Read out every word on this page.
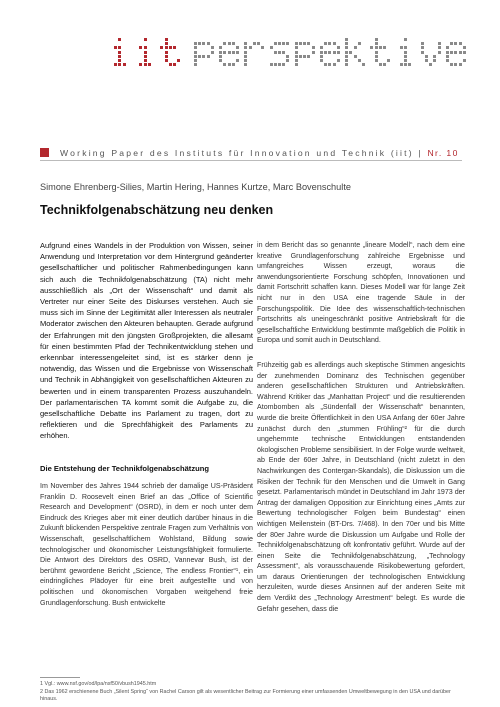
Working Paper des Instituts für Innovation und Technik (iit) | Nr. 10
Simone Ehrenberg-Silies, Martin Hering, Hannes Kurtze, Marc Bovenschulte
Technikfolgenabschätzung neu denken
Aufgrund eines Wandels in der Produktion von Wissen, seiner Anwendung und Interpretation vor dem Hintergrund geänderter gesellschaftlicher und politischer Rahmenbedingungen kann sich auch die Technikfolgenabschätzung (TA) nicht mehr ausschließlich als „Ort der Wissenschaft“ und damit als Vertreter nur einer Seite des Diskurses verstehen. Auch sie muss sich im Sinne der Legitimität aller Interessen als neutraler Moderator zwischen den Akteuren behaupten. Gerade aufgrund der Erfahrungen mit den jüngsten Großprojekten, die allesamt für einen bestimmten Pfad der Technikentwicklung stehen und erkennbar interessengeleitet sind, ist es stärker denn je notwendig, das Wissen und die Ergebnisse von Wissenschaft und Technik in Abhängigkeit von gesellschaftlichen Akteuren zu bewerten und in einem transparenten Prozess auszuhandeln. Der parlamentarischen TA kommt somit die Aufgabe zu, die gesellschaftliche Debatte ins Parlament zu tragen, dort zu reflektieren und die Sprechfähigkeit des Parlaments zu erhöhen.
Die Entstehung der Technikfolgenabschätzung
Im November des Jahres 1944 schrieb der damalige US-Präsident Franklin D. Roosevelt einen Brief an das „Office of Scientific Research and Development“ (OSRD), in dem er noch unter dem Eindruck des Krieges aber mit einer deutlich darüber hinaus in die Zukunft blickenden Perspektive zentrale Fragen zum Verhältnis von Wissenschaft, gesellschaftlichem Wohlstand, Bildung sowie technologischer und ökonomischer Leistungsfähigkeit formulierte. Die Antwort des Direktors des OSRD, Vannevar Bush, ist der berühmt gewordene Bericht „Science, The endless Frontier“¹, ein eindringliches Plädoyer für eine breit aufgestellte und von politischen und ökonomischen Vorgaben weitgehend freie Grundlagenforschung. Bush entwickelte
in dem Bericht das so genannte „lineare Modell“, nach dem eine kreative Grundlagenforschung zahlreiche Ergebnisse und umfangreiches Wissen erzeugt, woraus die anwendungsorientierte Forschung schöpfen, Innovationen und damit Fortschritt schaffen kann. Dieses Modell war für lange Zeit nicht nur in den USA eine tragende Säule in der Forschungspolitik. Die Idee des wissenschaftlich-technischen Fortschritts als uneingeschränkt positive Antriebskraft für die gesellschaftliche Entwicklung bestimmte maßgeblich die Politik in Europa und somit auch in Deutschland.
Frühzeitig gab es allerdings auch skeptische Stimmen angesichts der zunehmenden Dominanz des Technischen gegenüber anderen gesellschaftlichen Strukturen und Antriebskräften. Während Kritiker das „Manhattan Project“ und die resultierenden Atombomben als „Sündenfall der Wissenschaft“ benannten, wurde die breite Öffentlichkeit in den USA Anfang der 60er Jahre zunächst durch den „stummen Frühling“² für die durch ungehemmte technische Entwicklungen entstandenden ökologischen Probleme sensibilisiert. In der Folge wurde weltweit, ab Ende der 60er Jahre, in Deutschland (nicht zuletzt in den Nachwirkungen des Contergan-Skandals), die Diskussion um die Risiken der Technik für den Menschen und die Umwelt in Gang gesetzt. Parlamentarisch mündet in Deutschland im Jahr 1973 der Antrag der damaligen Opposition zur Einrichtung eines „Amts zur Bewertung technologischer Folgen beim Bundestag“ einen wichtigen Meilenstein (BT-Drs. 7/468). In den 70er und bis Mitte der 80er Jahre wurde die Diskussion um Aufgabe und Rolle der Technikfolgenabschätzung oft konfrontativ geführt. Wurde auf der einen Seite die Technikfolgenabschätzung, „Technology Assessment“, als vorausschauende Risikobewertung gefordert, um daraus Orientierungen der technologischen Entwicklung herzuleiten, wurde dieses Ansinnen auf der anderen Seite mit dem Verdikt des „Technology Arrestment“ belegt. Es wurde die Gefahr gesehen, dass die
1 Vgl.: www.nsf.gov/od/lpa/nsf50/vbush1945.htm
2 Das 1962 erschienene Buch „Silent Spring“ von Rachel Carson gilt als wesentlicher Beitrag zur Formierung einer umfassenden Umweltbewegung in den USA und darüber hinaus.
